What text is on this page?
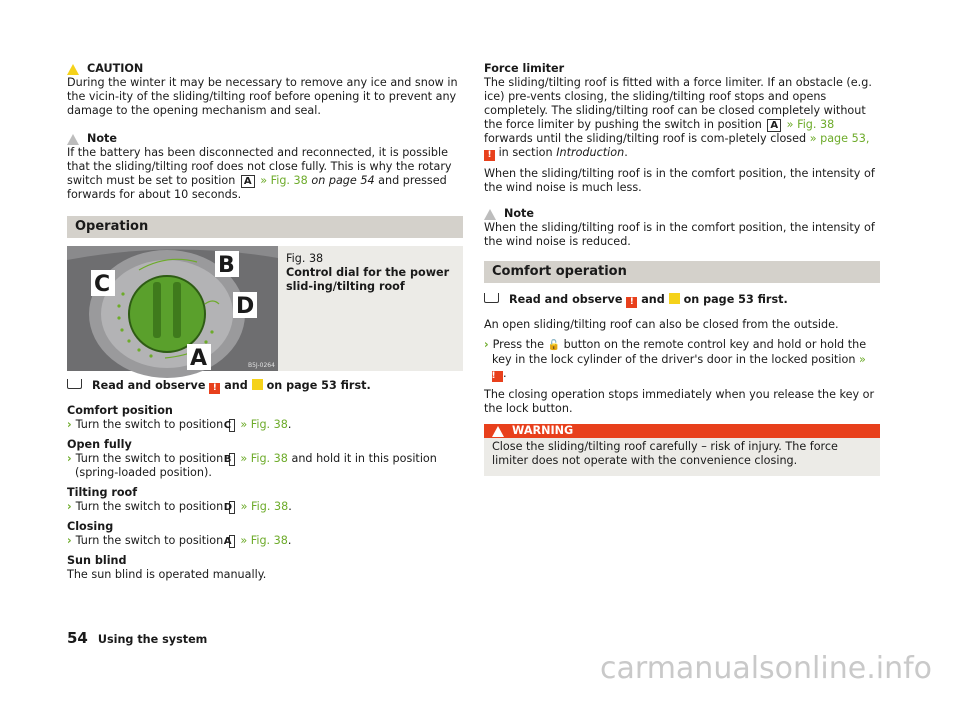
CAUTION

During the winter it may be necessary to remove any ice and snow in the vicin-ity of the sliding/tilting roof before opening it to prevent any damage to the opening mechanism and seal.

Note

If the battery has been disconnected and reconnected, it is possible that the sliding/tilting roof does not close fully. This is why the rotary switch must be set to position A » Fig. 38 on page 54 and pressed forwards for about 10 seconds.

Operation
B
C
D
A	B5J-0264

Fig. 38

Control dial for the power slid-ing/tilting roof

Read and observe ! and on page 53 first.

Comfort position

› Turn the switch to position C » Fig. 38.

Open fully

› Turn the switch to position B » Fig. 38 and hold it in this position (spring-loaded position).

Tilting roof

› Turn the switch to position D » Fig. 38.

Closing

› Turn the switch to position A » Fig. 38.

Sun blind

The sun blind is operated manually.

Force limiter

The sliding/tilting roof is fitted with a force limiter. If an obstacle (e.g. ice) pre-vents closing, the sliding/tilting roof stops and opens completely. The sliding/tilting roof can be closed completely without the force limiter by pushing the switch in position A » Fig. 38 forwards until the sliding/tilting roof is com-pletely closed » page 53, ! in section Introduction.

When the sliding/tilting roof is in the comfort position, the intensity of the wind noise is much less.

Note

When the sliding/tilting roof is in the comfort position, the intensity of the wind noise is reduced.

Comfort operation

Read and observe ! and on page 53 first.

An open sliding/tilting roof can also be closed from the outside.

› Press the 🔓 button on the remote control key and hold or hold the key in the lock cylinder of the driver's door in the locked position » ! .

The closing operation stops immediately when you release the key or the lock button.

WARNING
Close the sliding/tilting roof carefully – risk of injury. The force limiter does not operate with the convenience closing.
54 Using the system
carmanualsonline.info
